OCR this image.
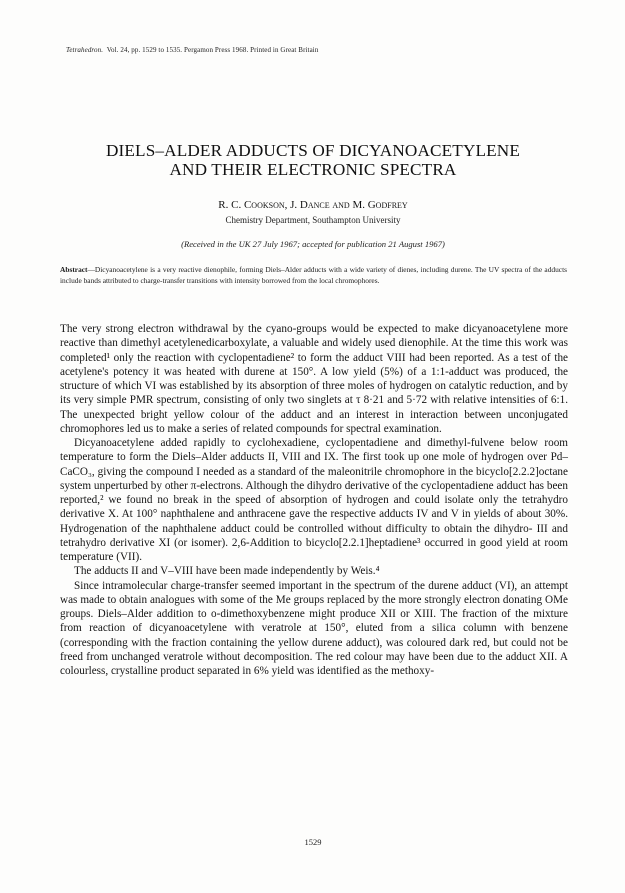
Tetrahedron. Vol. 24, pp. 1529 to 1535. Pergamon Press 1968. Printed in Great Britain
DIELS–ALDER ADDUCTS OF DICYANOACETYLENE
AND THEIR ELECTRONIC SPECTRA
R. C. Cookson, J. Dance and M. Godfrey
Chemistry Department, Southampton University
(Received in the UK 27 July 1967; accepted for publication 21 August 1967)
Abstract—Dicyanoacetylene is a very reactive dienophile, forming Diels–Alder adducts with a wide variety of dienes, including durene. The UV spectra of the adducts include bands attributed to charge-transfer transitions with intensity borrowed from the local chromophores.

The very strong electron withdrawal by the cyano-groups would be expected to make dicyanoacetylene more reactive than dimethyl acetylenedicarboxylate, a valuable and widely used dienophile. At the time this work was completed¹ only the reaction with cyclopentadiene² to form the adduct VIII had been reported. As a test of the acetylene's potency it was heated with durene at 150°. A low yield (5%) of a 1:1-adduct was produced, the structure of which VI was established by its absorption of three moles of hydrogen on catalytic reduction, and by its very simple PMR spectrum, consisting of only two singlets at τ 8·21 and 5·72 with relative intensities of 6:1. The unexpected bright yellow colour of the adduct and an interest in interaction between unconjugated chromophores led us to make a series of related compounds for spectral examination.

Dicyanoacetylene added rapidly to cyclohexadiene, cyclopentadiene and dimethyl-fulvene below room temperature to form the Diels–Alder adducts II, VIII and IX. The first took up one mole of hydrogen over Pd–CaCO₃, giving the compound I needed as a standard of the maleonitrile chromophore in the bicyclo[2.2.2]octane system unperturbed by other π-electrons. Although the dihydro derivative of the cyclopentadiene adduct has been reported,² we found no break in the speed of absorption of hydrogen and could isolate only the tetrahydro derivative X. At 100° naphthalene and anthracene gave the respective adducts IV and V in yields of about 30%. Hydrogenation of the naphthalene adduct could be controlled without difficulty to obtain the dihydro- III and tetrahydro derivative XI (or isomer). 2,6-Addition to bicyclo[2.2.1]heptadiene³ occurred in good yield at room temperature (VII).

The adducts II and V–VIII have been made independently by Weis.⁴

Since intramolecular charge-transfer seemed important in the spectrum of the durene adduct (VI), an attempt was made to obtain analogues with some of the Me groups replaced by the more strongly electron donating OMe groups. Diels–Alder addition to o-dimethoxybenzene might produce XII or XIII. The fraction of the mixture from reaction of dicyanoacetylene with veratrole at 150°, eluted from a silica column with benzene (corresponding with the fraction containing the yellow durene adduct), was coloured dark red, but could not be freed from unchanged veratrole without decomposition. The red colour may have been due to the adduct XII. A colourless, crystalline product separated in 6% yield was identified as the methoxy-

1529
